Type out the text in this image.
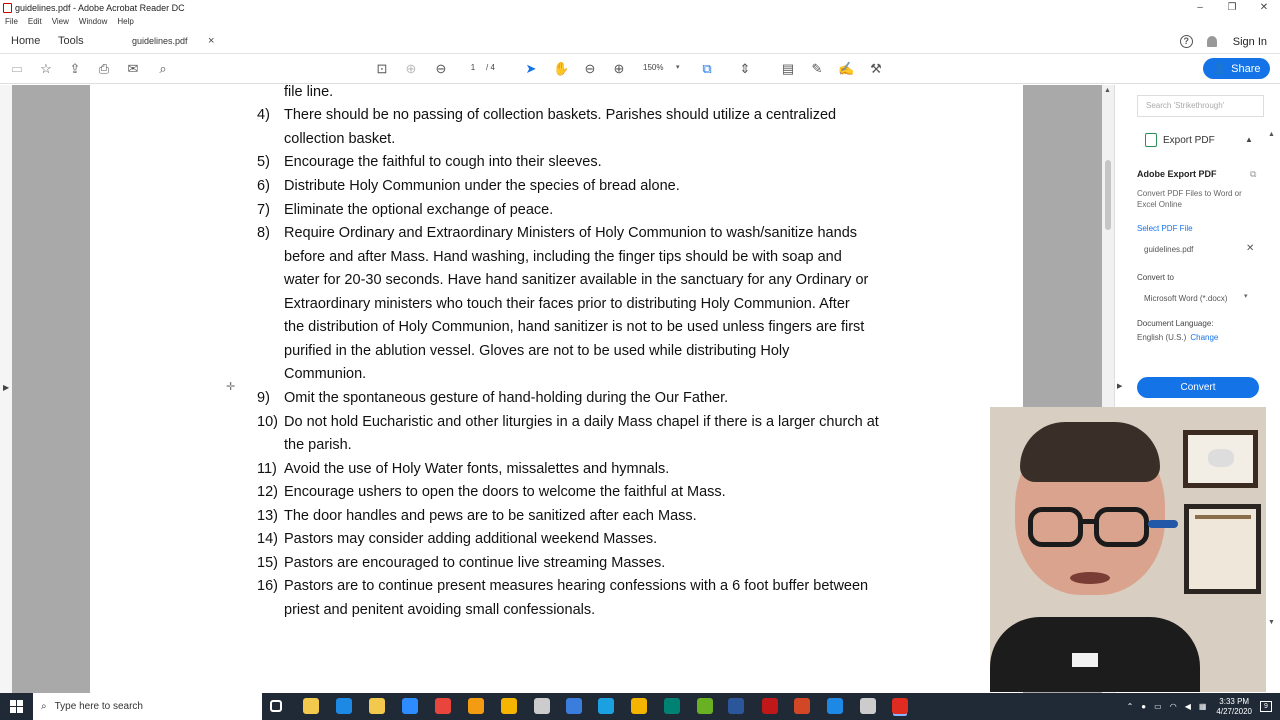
guidelines.pdf - Adobe Acrobat Reader DC	–	❐	✕
File Edit View Window Help
Home Tools	guidelines.pdf ×	?	Sign In
▭ ☆ ⇪ ⎙ ✉	⌕	⊡ ⊕ ⊖	➤ ✋ ⊖ ⊕	⧉ ⇕ ▤ ✎ ✍ ⚒
1	/ 4	150% ▾	👤 Share
▶
file line.
4) There should be no passing of collection baskets. Parishes should utilize a centralized
collection basket.
5) Encourage the faithful to cough into their sleeves.
6) Distribute Holy Communion under the species of bread alone.
7) Eliminate the optional exchange of peace.
8) Require Ordinary and Extraordinary Ministers of Holy Communion to wash/sanitize hands
before and after Mass. Hand washing, including the finger tips should be with soap and
water for 20-30 seconds. Have hand sanitizer available in the sanctuary for any Ordinary or
Extraordinary ministers who touch their faces prior to distributing Holy Communion. After
the distribution of Holy Communion, hand sanitizer is not to be used unless fingers are first
purified in the ablution vessel. Gloves are not to be used while distributing Holy
Communion.
9) Omit the spontaneous gesture of hand-holding during the Our Father.
10) Do not hold Eucharistic and other liturgies in a daily Mass chapel if there is a larger church at
the parish.
11) Avoid the use of Holy Water fonts, missalettes and hymnals.
12) Encourage ushers to open the doors to welcome the faithful at Mass.
13) The door handles and pews are to be sanitized after each Mass.
14) Pastors may consider adding additional weekend Masses.
15) Pastors are encouraged to continue live streaming Masses.
16) Pastors are to continue present measures hearing confessions with a 6 foot buffer between
priest and penitent avoiding small confessionals.
✛
▲
▶
Search 'Strikethrough'
Export PDF	▲
▲
▼
Adobe Export PDF	⧉
Convert PDF Files to Word or Excel Online
Select PDF File
guidelines.pdf	✕
Convert to
Microsoft Word (*.docx) ▾
Document Language:
English (U.S.) Change
Convert
⌕ Type here to search	⌃ ● ▭ ◠ ◀ ▦
3:33 PM
4/27/2020	9
